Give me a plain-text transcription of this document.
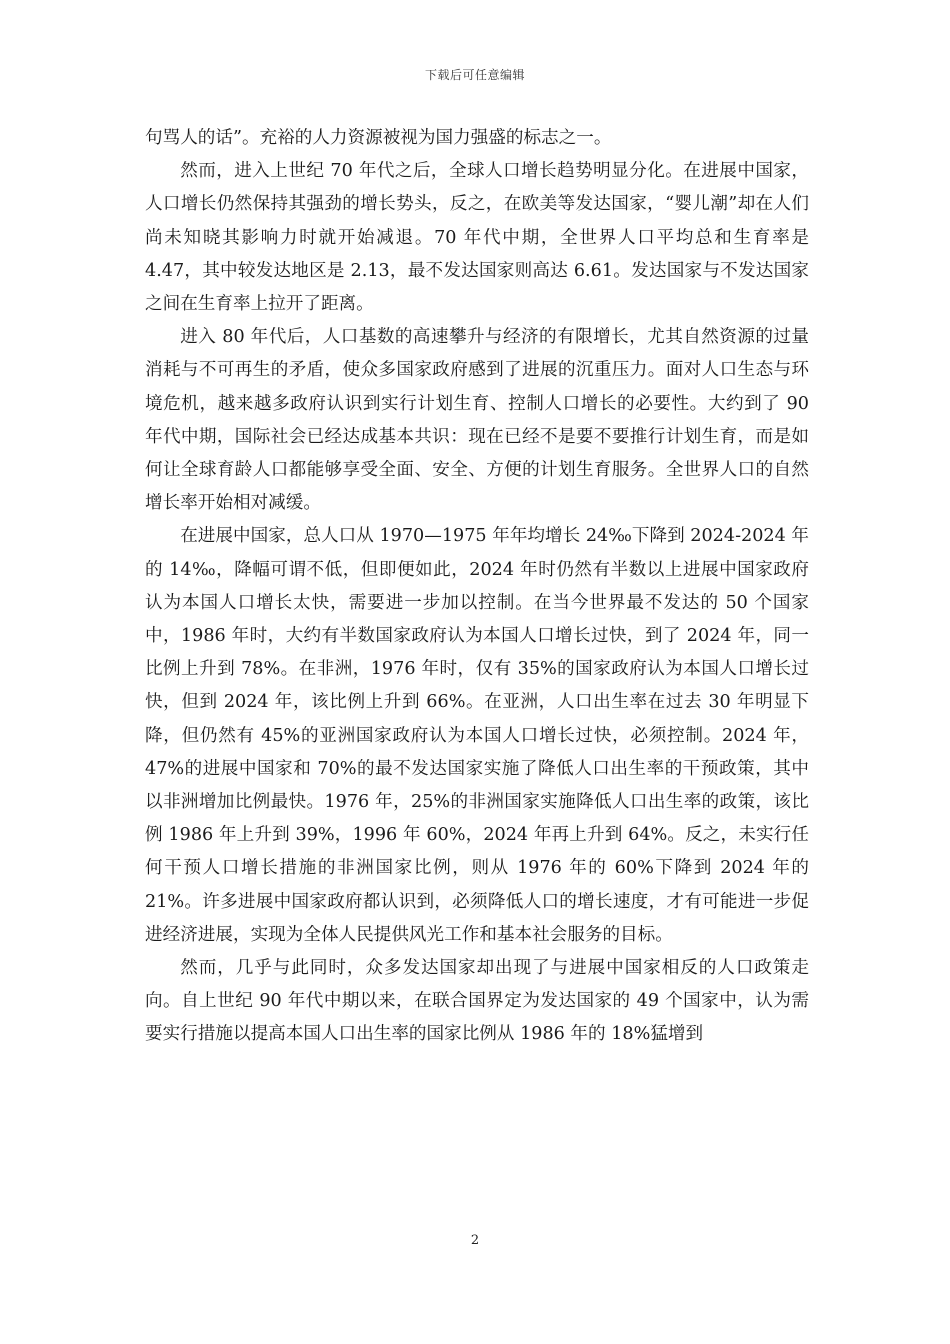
下载后可任意编辑

句骂人的话”。充裕的人力资源被视为国力强盛的标志之一。

然而，进入上世纪 70 年代之后，全球人口增长趋势明显分化。在进展中国家，人口增长仍然保持其强劲的增长势头，反之，在欧美等发达国家，“婴儿潮”却在人们尚未知晓其影响力时就开始减退。70 年代中期，全世界人口平均总和生育率是 4.47，其中较发达地区是 2.13，最不发达国家则高达 6.61。发达国家与不发达国家之间在生育率上拉开了距离。

进入 80 年代后，人口基数的高速攀升与经济的有限增长，尤其自然资源的过量消耗与不可再生的矛盾，使众多国家政府感到了进展的沉重压力。面对人口生态与环境危机，越来越多政府认识到实行计划生育、控制人口增长的必要性。大约到了 90 年代中期，国际社会已经达成基本共识：现在已经不是要不要推行计划生育，而是如何让全球育龄人口都能够享受全面、安全、方便的计划生育服务。全世界人口的自然增长率开始相对减缓。

在进展中国家，总人口从 1970—1975 年年均增长 24‰下降到 2024-2024 年的 14‰，降幅可谓不低，但即便如此，2024 年时仍然有半数以上进展中国家政府认为本国人口增长太快，需要进一步加以控制。在当今世界最不发达的 50 个国家中，1986 年时，大约有半数国家政府认为本国人口增长过快，到了 2024 年，同一比例上升到 78%。在非洲，1976 年时，仅有 35%的国家政府认为本国人口增长过快，但到 2024 年，该比例上升到 66%。在亚洲，人口出生率在过去 30 年明显下降，但仍然有 45%的亚洲国家政府认为本国人口增长过快，必须控制。2024 年，47%的进展中国家和 70%的最不发达国家实施了降低人口出生率的干预政策，其中以非洲增加比例最快。1976 年，25%的非洲国家实施降低人口出生率的政策，该比例 1986 年上升到 39%，1996 年 60%，2024 年再上升到 64%。反之，未实行任何干预人口增长措施的非洲国家比例，则从 1976 年的 60%下降到 2024 年的 21%。许多进展中国家政府都认识到，必须降低人口的增长速度，才有可能进一步促进经济进展，实现为全体人民提供风光工作和基本社会服务的目标。

然而，几乎与此同时，众多发达国家却出现了与进展中国家相反的人口政策走向。自上世纪 90 年代中期以来，在联合国界定为发达国家的 49 个国家中，认为需要实行措施以提高本国人口出生率的国家比例从 1986 年的 18%猛增到

2
